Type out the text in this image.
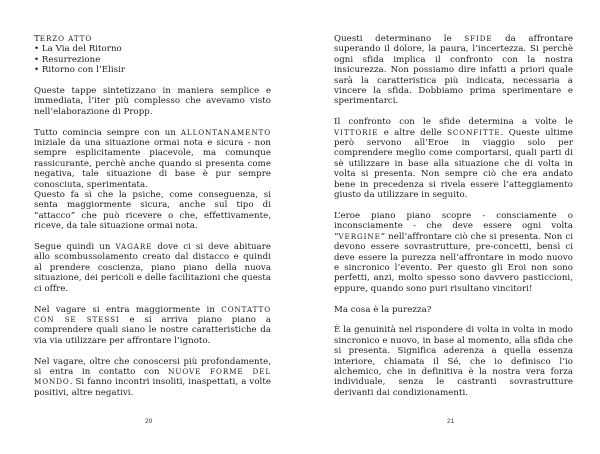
TERZO ATTO

• La Via del Ritorno
• Resurrezione
• Ritorno con l’Elisir

Queste tappe sintetizzano in maniera semplice e immediata, l’iter più complesso che avevamo visto nell’elaborazione di Propp.

Tutto comincia sempre con un ALLONTANAMENTO iniziale da una situazione ormai nota e sicura - non sempre esplicitamente piacevole, ma comunque rassicurante, perchè anche quando si presenta come negativa, tale situazione di base è pur sempre conosciuta, sperimentata.

Questo fa sì che la psiche, come conseguenza, si senta maggiormente sicura, anche sul tipo di “attacco” che può ricevere o che, effettivamente, riceve, da tale situazione ormai nota.

Segue quindi un VAGARE dove ci si deve abituare allo scombussolamento creato dal distacco e quindi al prendere coscienza, piano piano della nuova situazione, dei pericoli e delle facilitazioni che questa ci offre.

Nel vagare si entra maggiormente in CONTATTO CON SE STESSI e si arriva piano piano a comprendere quali siano le nostre caratteristiche da via via utilizzare per affrontare l’ignoto.

Nel vagare, oltre che conoscersi più profondamente, si entra in contatto con NUOVE FORME DEL MONDO. Si fanno incontri insoliti, inaspettati, a volte positivi, altre negativi.

20

Questi determinano le SFIDE da affrontare superando il dolore, la paura, l’incertezza. Si perchè ogni sfida implica il confronto con la nostra insicurezza. Non possiamo dire infatti a priori quale sarà la caratteristica più indicata, necessaria a vincere la sfida. Dobbiamo prima sperimentare e sperimentarci.

Il confronto con le sfide determina a volte le VITTORIE e altre delle SCONFITTE. Queste ultime però servono all’Eroe in viaggio solo per comprendere meglio come comportarsi, quali parti di sè utilizzare in base alla situazione che di volta in volta si presenta. Non sempre ciò che era andato bene in precedenza si rivela essere l’atteggiamento giusto da utilizzare in seguito.

L’eroe piano piano scopre - consciamente o inconsciamente - che deve essere ogni volta “VERGINE” nell’affrontare ciò che si presenta. Non ci devono essere sovrastrutture, pre-concetti, bensì ci deve essere la purezza nell’affrontare in modo nuovo e sincronico l’evento. Per questo gli Eroi non sono perfetti, anzi, molto spesso sono davvero pasticcioni, eppure, quando sono puri risultano vincitori!

Ma cosa è la purezza?

È la genuinità nel rispondere di volta in volta in modo sincronico e nuovo, in base al momento, alla sfida che si presenta. Significa aderenza a quella essenza interiore, chiamata il Sé, che io definisco l’io alchemico, che in definitiva è la nostra vera forza individuale, senza le castranti sovrastrutture derivanti dai condizionamenti.

21
